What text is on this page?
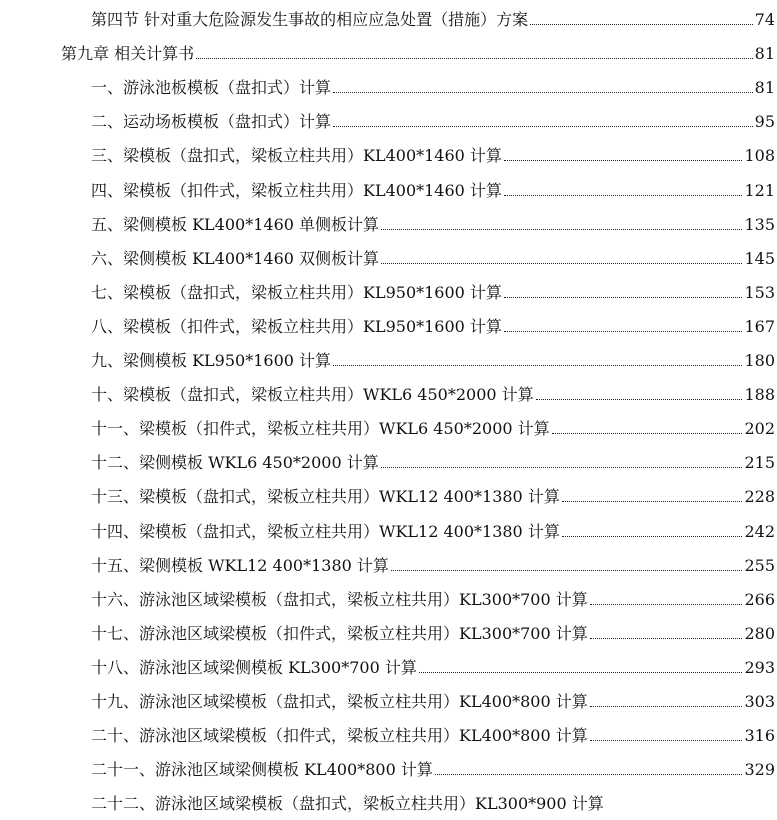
第四节 针对重大危险源发生事故的相应应急处置（措施）方案	74
第九章 相关计算书	81
一、游泳池板模板（盘扣式）计算	81
二、运动场板模板（盘扣式）计算	95
三、梁模板（盘扣式，梁板立柱共用）KL400*1460 计算	108
四、梁模板（扣件式，梁板立柱共用）KL400*1460 计算	121
五、梁侧模板 KL400*1460 单侧板计算	135
六、梁侧模板 KL400*1460 双侧板计算	145
七、梁模板（盘扣式，梁板立柱共用）KL950*1600 计算	153
八、梁模板（扣件式，梁板立柱共用）KL950*1600 计算	167
九、梁侧模板 KL950*1600 计算	180
十、梁模板（盘扣式，梁板立柱共用）WKL6 450*2000 计算	188
十一、梁模板（扣件式，梁板立柱共用）WKL6 450*2000 计算	202
十二、梁侧模板 WKL6 450*2000 计算	215
十三、梁模板（盘扣式，梁板立柱共用）WKL12 400*1380 计算	228
十四、梁模板（盘扣式，梁板立柱共用）WKL12 400*1380 计算	242
十五、梁侧模板 WKL12 400*1380 计算	255
十六、游泳池区域梁模板（盘扣式，梁板立柱共用）KL300*700 计算	266
十七、游泳池区域梁模板（扣件式，梁板立柱共用）KL300*700 计算	280
十八、游泳池区域梁侧模板 KL300*700 计算	293
十九、游泳池区域梁模板（盘扣式，梁板立柱共用）KL400*800 计算	303
二十、游泳池区域梁模板（扣件式，梁板立柱共用）KL400*800 计算	316
二十一、游泳池区域梁侧模板 KL400*800 计算	329
二十二、游泳池区域梁模板（盘扣式，梁板立柱共用）KL300*900 计算
